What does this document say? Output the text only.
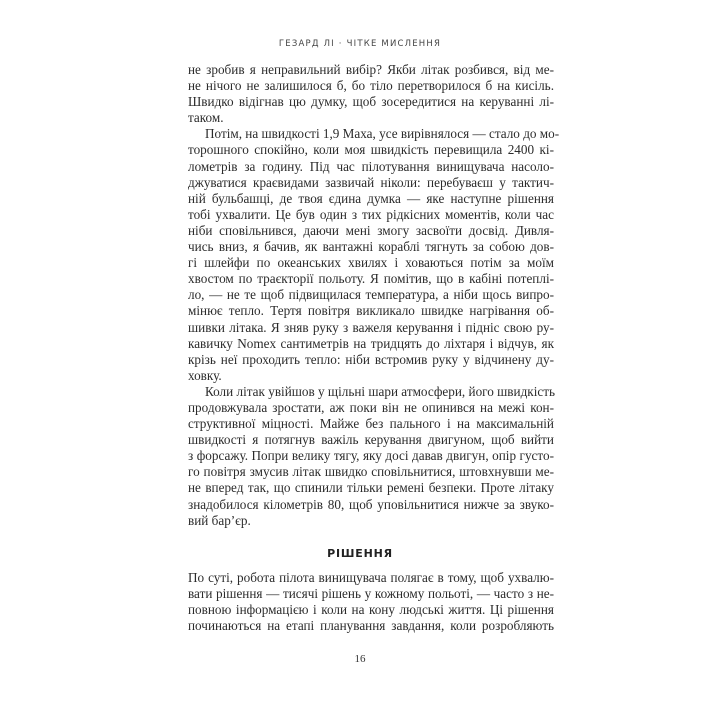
ГЕЗАРД ЛІ · ЧІТКЕ МИСЛЕННЯ
не зробив я неправильний вибір? Якби літак розбився, від ме-
не нічого не залишилося б, бо тіло перетворилося б на кисіль.
Швидко відігнав цю думку, щоб зосередитися на керуванні лі-
таком.
Потім, на швидкості 1,9 Маха, усе вирівнялося — стало до мо-
торошного спокійно, коли моя швидкість перевищила 2400 кі-
лометрів за годину. Під час пілотування винищувача насоло-
джуватися краєвидами зазвичай ніколи: перебуваєш у тактич-
ній бульбашці, де твоя єдина думка — яке наступне рішення
тобі ухвалити. Це був один з тих рідкісних моментів, коли час
ніби сповільнився, даючи мені змогу засвоїти досвід. Дивля-
чись вниз, я бачив, як вантажні кораблі тягнуть за собою дов-
гі шлейфи по океанських хвилях і ховаються потім за моїм
хвостом по траєкторії польоту. Я помітив, що в кабіні потеплі-
ло, — не те щоб підвищилася температура, а ніби щось випро-
мінює тепло. Тертя повітря викликало швидке нагрівання об-
шивки літака. Я зняв руку з важеля керування і підніс свою ру-
кавичку Nomex сантиметрів на тридцять до ліхтаря і відчув, як
крізь неї проходить тепло: ніби встромив руку у відчинену ду-
ховку.
Коли літак увійшов у щільні шари атмосфери, його швидкість
продовжувала зростати, аж поки він не опинився на межі кон-
структивної міцності. Майже без пального і на максимальній
швидкості я потягнув важіль керування двигуном, щоб вийти
з форсажу. Попри велику тягу, яку досі давав двигун, опір густо-
го повітря змусив літак швидко сповільнитися, штовхнувши ме-
не вперед так, що спинили тільки ремені безпеки. Проте літаку
знадобилося кілометрів 80, щоб уповільнитися нижче за звуко-
вий бар’єр.
РІШЕННЯ
По суті, робота пілота винищувача полягає в тому, щоб ухвалю-
вати рішення — тисячі рішень у кожному польоті, — часто з не-
повною інформацією і коли на кону людські життя. Ці рішення
починаються на етапі планування завдання, коли розробляють
16
